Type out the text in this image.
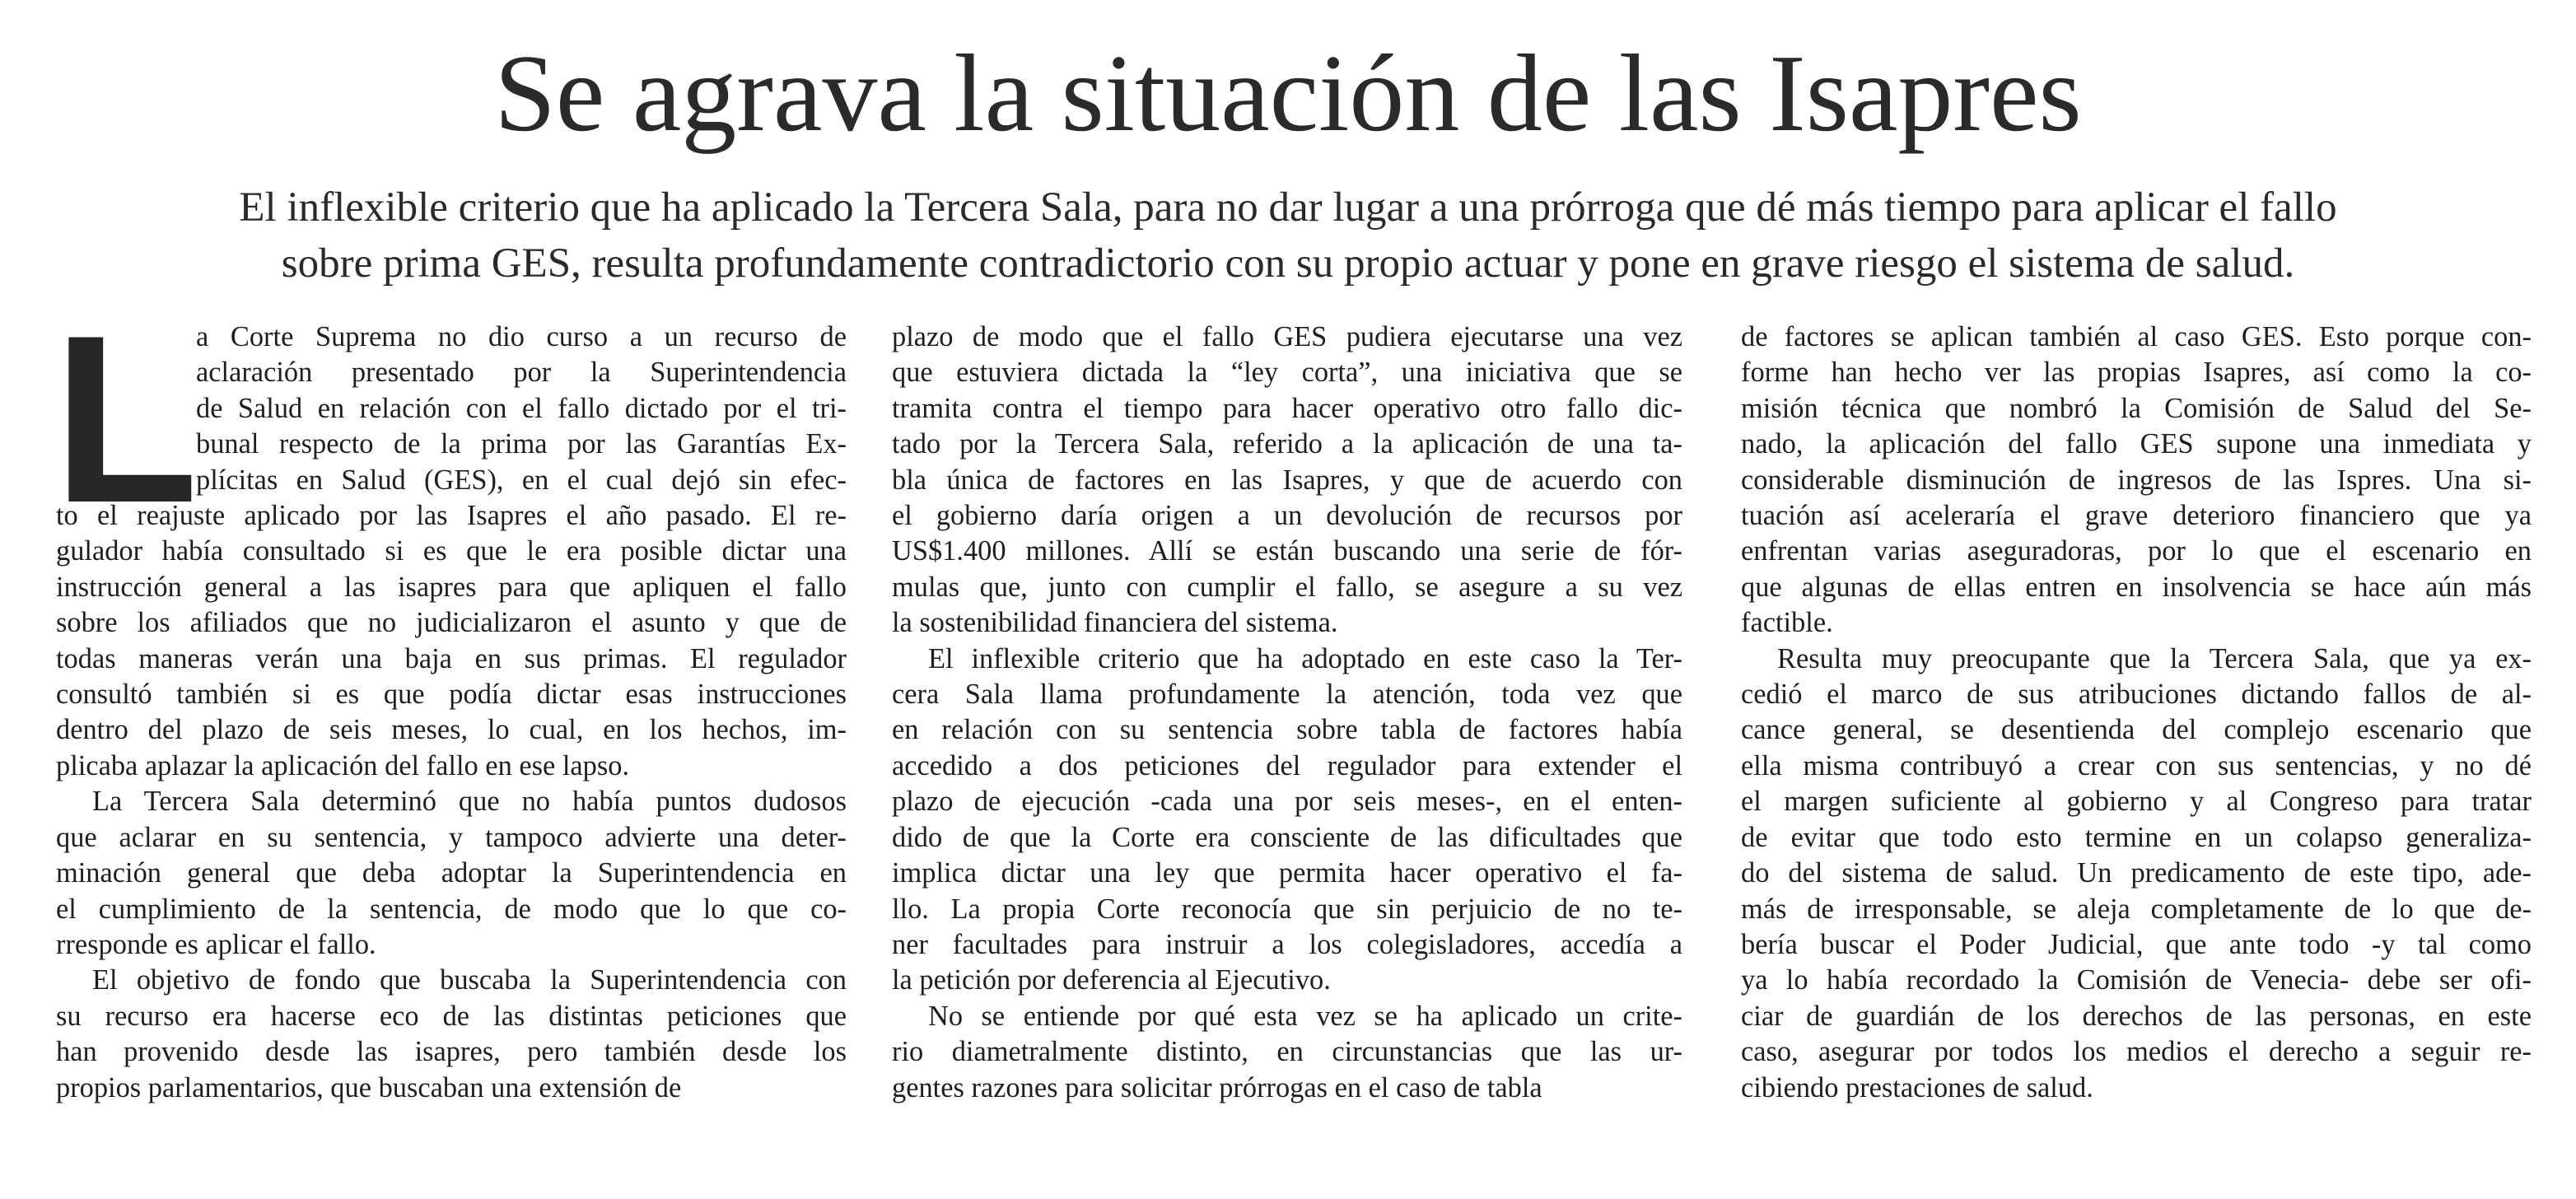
Se agrava la situación de las Isapres
El inflexible criterio que ha aplicado la Tercera Sala, para no dar lugar a una prórroga que dé más tiempo para aplicar el fallo
sobre prima GES, resulta profundamente contradictorio con su propio actuar y pone en grave riesgo el sistema de salud.
L
a Corte Suprema no dio curso a un recurso de
aclaración presentado por la Superintendencia
de Salud en relación con el fallo dictado por el tri-
bunal respecto de la prima por las Garantías Ex-
plícitas en Salud (GES), en el cual dejó sin efec-
to el reajuste aplicado por las Isapres el año pasado. El re-
gulador había consultado si es que le era posible dictar una
instrucción general a las isapres para que apliquen el fallo
sobre los afiliados que no judicializaron el asunto y que de
todas maneras verán una baja en sus primas. El regulador
consultó también si es que podía dictar esas instrucciones
dentro del plazo de seis meses, lo cual, en los hechos, im-
plicaba aplazar la aplicación del fallo en ese lapso.
La Tercera Sala determinó que no había puntos dudosos
que aclarar en su sentencia, y tampoco advierte una deter-
minación general que deba adoptar la Superintendencia en
el cumplimiento de la sentencia, de modo que lo que co-
rresponde es aplicar el fallo.
El objetivo de fondo que buscaba la Superintendencia con
su recurso era hacerse eco de las distintas peticiones que
han provenido desde las isapres, pero también desde los
propios parlamentarios, que buscaban una extensión de
plazo de modo que el fallo GES pudiera ejecutarse una vez
que estuviera dictada la “ley corta”, una iniciativa que se
tramita contra el tiempo para hacer operativo otro fallo dic-
tado por la Tercera Sala, referido a la aplicación de una ta-
bla única de factores en las Isapres, y que de acuerdo con
el gobierno daría origen a un devolución de recursos por
US$1.400 millones. Allí se están buscando una serie de fór-
mulas que, junto con cumplir el fallo, se asegure a su vez
la sostenibilidad financiera del sistema.
El inflexible criterio que ha adoptado en este caso la Ter-
cera Sala llama profundamente la atención, toda vez que
en relación con su sentencia sobre tabla de factores había
accedido a dos peticiones del regulador para extender el
plazo de ejecución -cada una por seis meses-, en el enten-
dido de que la Corte era consciente de las dificultades que
implica dictar una ley que permita hacer operativo el fa-
llo. La propia Corte reconocía que sin perjuicio de no te-
ner facultades para instruir a los colegisladores, accedía a
la petición por deferencia al Ejecutivo.
No se entiende por qué esta vez se ha aplicado un crite-
rio diametralmente distinto, en circunstancias que las ur-
gentes razones para solicitar prórrogas en el caso de tabla
de factores se aplican también al caso GES. Esto porque con-
forme han hecho ver las propias Isapres, así como la co-
misión técnica que nombró la Comisión de Salud del Se-
nado, la aplicación del fallo GES supone una inmediata y
considerable disminución de ingresos de las Ispres. Una si-
tuación así aceleraría el grave deterioro financiero que ya
enfrentan varias aseguradoras, por lo que el escenario en
que algunas de ellas entren en insolvencia se hace aún más
factible.
Resulta muy preocupante que la Tercera Sala, que ya ex-
cedió el marco de sus atribuciones dictando fallos de al-
cance general, se desentienda del complejo escenario que
ella misma contribuyó a crear con sus sentencias, y no dé
el margen suficiente al gobierno y al Congreso para tratar
de evitar que todo esto termine en un colapso generaliza-
do del sistema de salud. Un predicamento de este tipo, ade-
más de irresponsable, se aleja completamente de lo que de-
bería buscar el Poder Judicial, que ante todo -y tal como
ya lo había recordado la Comisión de Venecia- debe ser ofi-
ciar de guardián de los derechos de las personas, en este
caso, asegurar por todos los medios el derecho a seguir re-
cibiendo prestaciones de salud.
